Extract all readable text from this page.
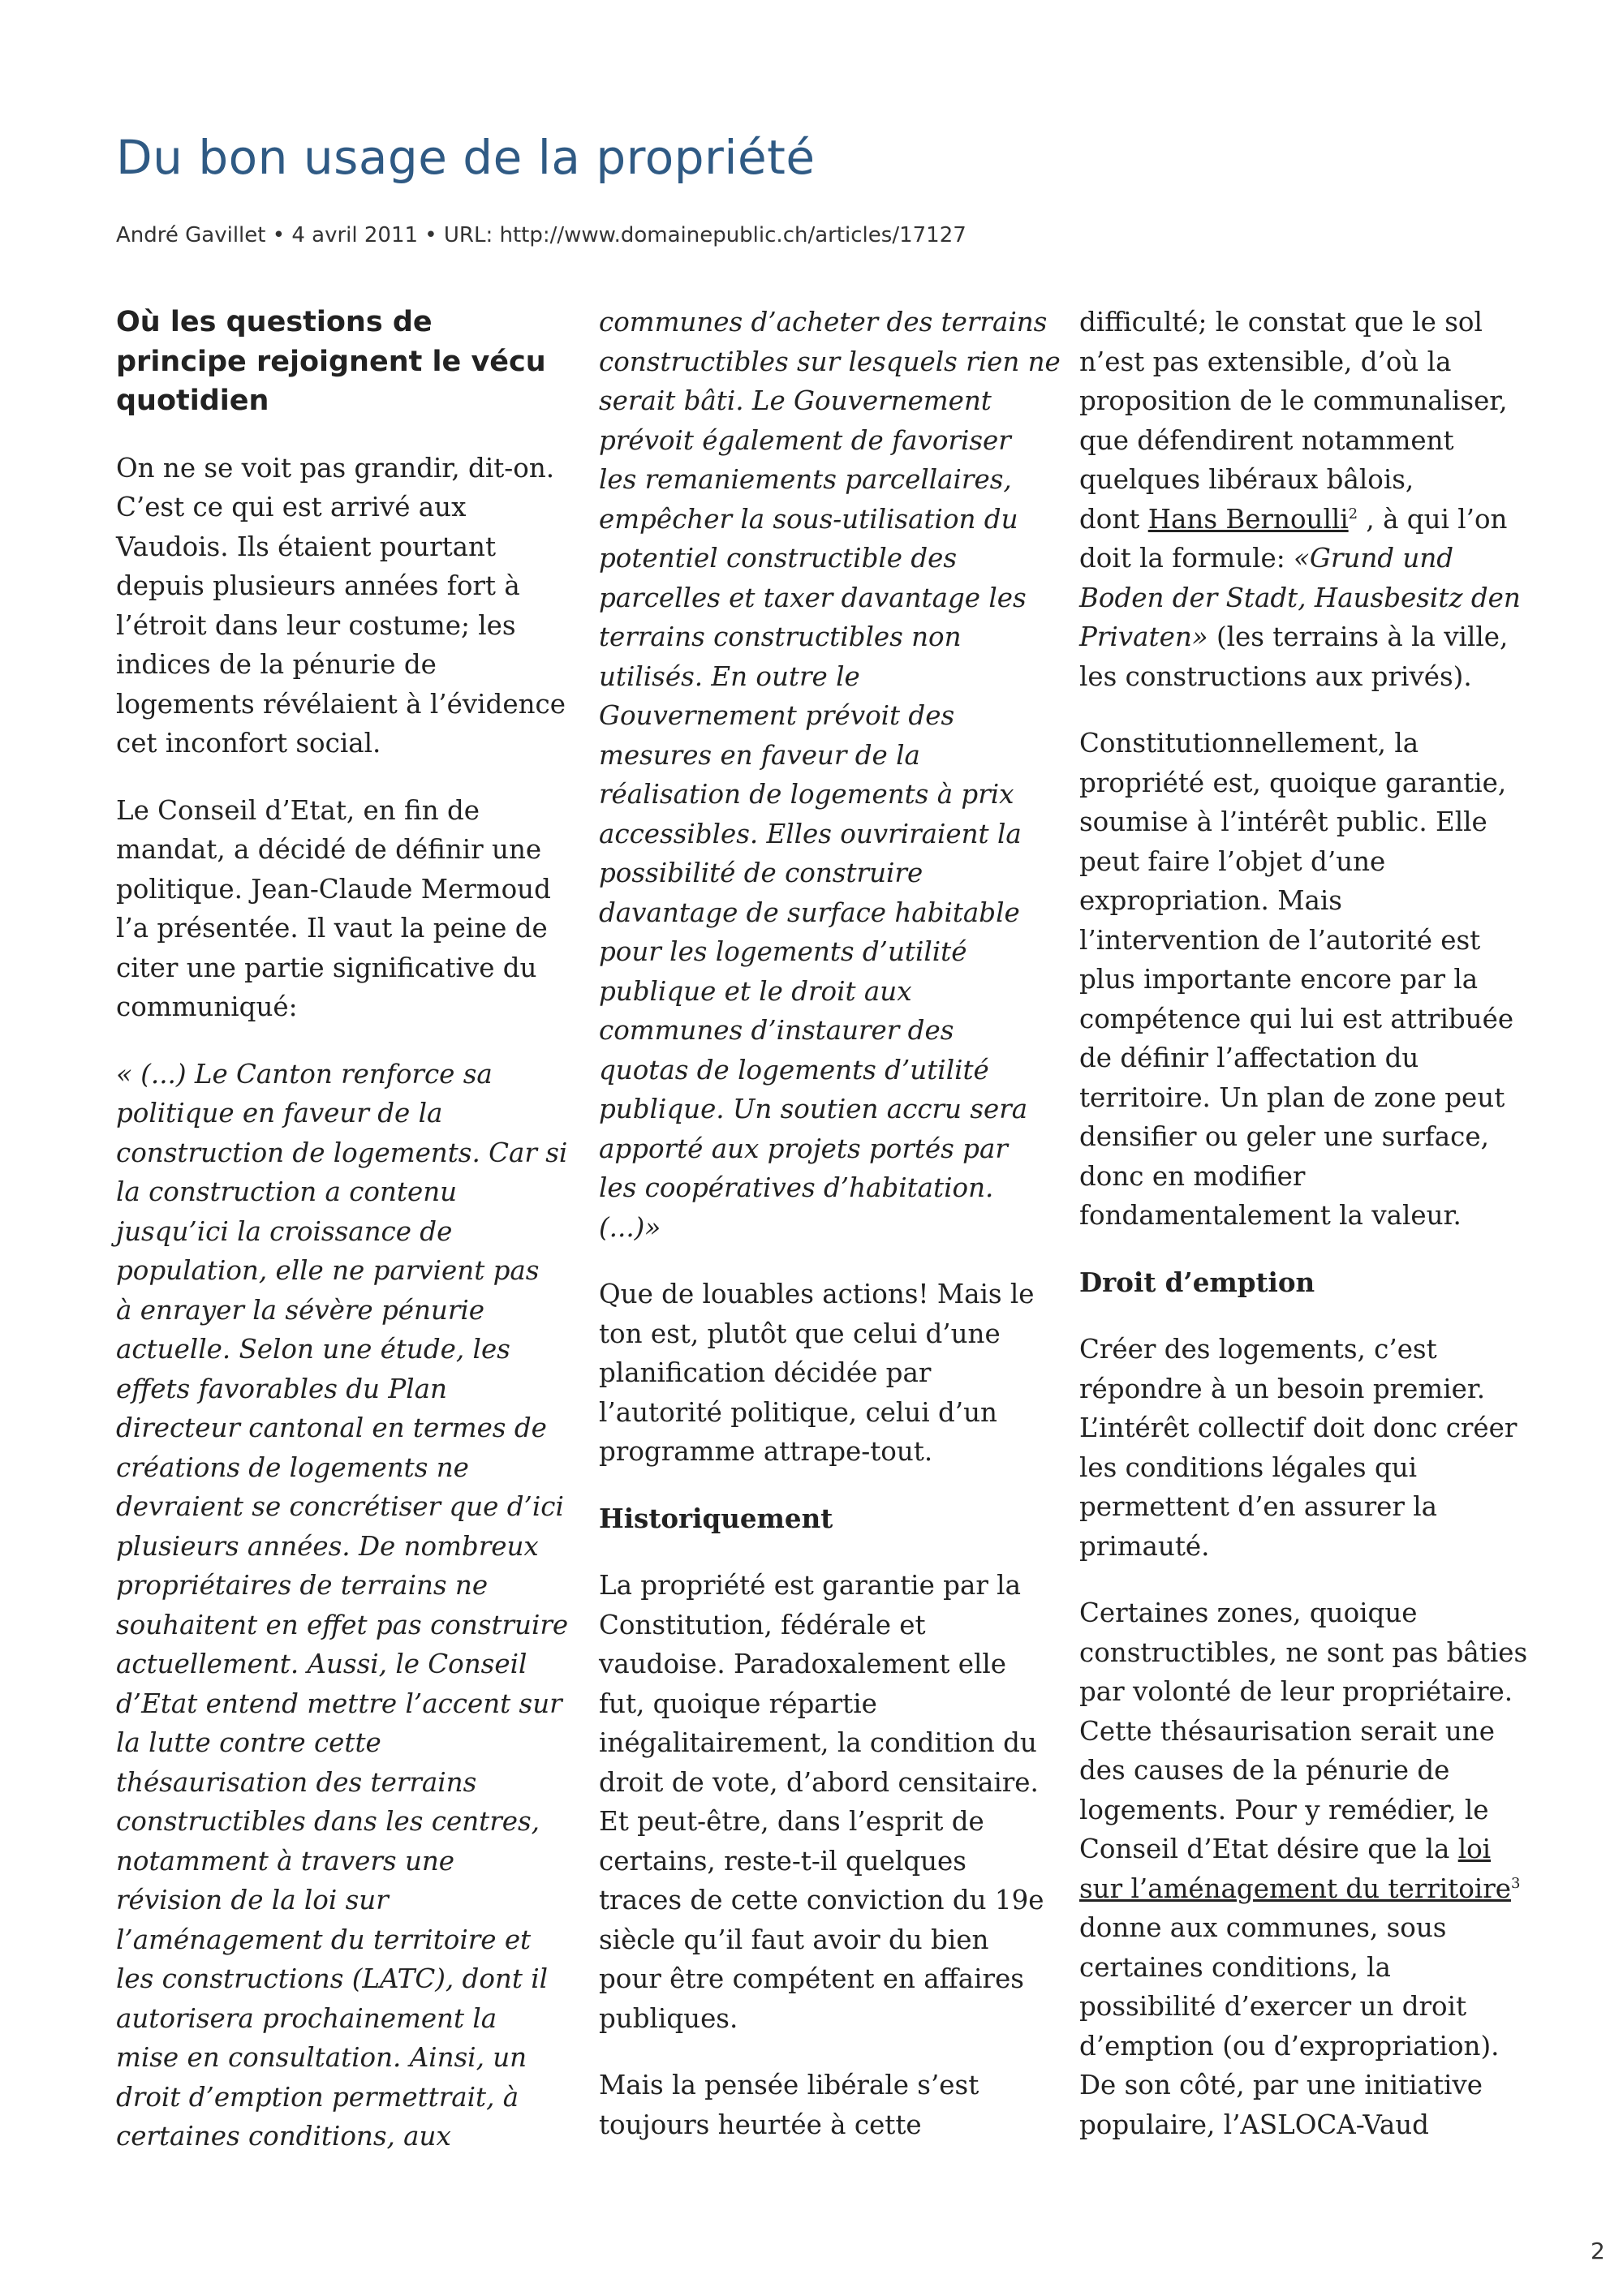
Du bon usage de la propriété
André Gavillet • 4 avril 2011 • URL: http://www.domainepublic.ch/articles/17127
Où les questions de
principe rejoignent le vécu
quotidien

On ne se voit pas grandir, dit-on.
C’est ce qui est arrivé aux
Vaudois. Ils étaient pourtant
depuis plusieurs années fort à
l’étroit dans leur costume; les
indices de la pénurie de
logements révélaient à l’évidence
cet inconfort social.

Le Conseil d’Etat, en fin de
mandat, a décidé de définir une
politique. Jean-Claude Mermoud
l’a présentée. Il vaut la peine de
citer une partie significative du
communiqué:

« (...) Le Canton renforce sa
politique en faveur de la
construction de logements. Car si
la construction a contenu
jusqu’ici la croissance de
population, elle ne parvient pas
à enrayer la sévère pénurie
actuelle. Selon une étude, les
effets favorables du Plan
directeur cantonal en termes de
créations de logements ne
devraient se concrétiser que d’ici
plusieurs années. De nombreux
propriétaires de terrains ne
souhaitent en effet pas construire
actuellement. Aussi, le Conseil
d’Etat entend mettre l’accent sur
la lutte contre cette
thésaurisation des terrains
constructibles dans les centres,
notamment à travers une
révision de la loi sur
l’aménagement du territoire et
les constructions (LATC), dont il
autorisera prochainement la
mise en consultation. Ainsi, un
droit d’emption permettrait, à
certaines conditions, aux

communes d’acheter des terrains
constructibles sur lesquels rien ne
serait bâti. Le Gouvernement
prévoit également de favoriser
les remaniements parcellaires,
empêcher la sous-utilisation du
potentiel constructible des
parcelles et taxer davantage les
terrains constructibles non
utilisés. En outre le
Gouvernement prévoit des
mesures en faveur de la
réalisation de logements à prix
accessibles. Elles ouvriraient la
possibilité de construire
davantage de surface habitable
pour les logements d’utilité
publique et le droit aux
communes d’instaurer des
quotas de logements d’utilité
publique. Un soutien accru sera
apporté aux projets portés par
les coopératives d’habitation.
(...)»

Que de louables actions! Mais le
ton est, plutôt que celui d’une
planification décidée par
l’autorité politique, celui d’un
programme attrape-tout.

Historiquement

La propriété est garantie par la
Constitution, fédérale et
vaudoise. Paradoxalement elle
fut, quoique répartie
inégalitairement, la condition du
droit de vote, d’abord censitaire.
Et peut-être, dans l’esprit de
certains, reste-t-il quelques
traces de cette conviction du 19e
siècle qu’il faut avoir du bien
pour être compétent en affaires
publiques.

Mais la pensée libérale s’est
toujours heurtée à cette

difficulté; le constat que le sol
n’est pas extensible, d’où la
proposition de le communaliser,
que défendirent notamment
quelques libéraux bâlois,
dont Hans Bernoulli$^2$ , à qui l’on
doit la formule: «Grund und
Boden der Stadt, Hausbesitz den
Privaten» (les terrains à la ville,
les constructions aux privés).

Constitutionnellement, la
propriété est, quoique garantie,
soumise à l’intérêt public. Elle
peut faire l’objet d’une
expropriation. Mais
l’intervention de l’autorité est
plus importante encore par la
compétence qui lui est attribuée
de définir l’affectation du
territoire. Un plan de zone peut
densifier ou geler une surface,
donc en modifier
fondamentalement la valeur.

Droit d’emption

Créer des logements, c’est
répondre à un besoin premier.
L’intérêt collectif doit donc créer
les conditions légales qui
permettent d’en assurer la
primauté.

Certaines zones, quoique
constructibles, ne sont pas bâties
par volonté de leur propriétaire.
Cette thésaurisation serait une
des causes de la pénurie de
logements. Pour y remédier, le
Conseil d’Etat désire que la loi
sur l’aménagement du territoire$^3$
donne aux communes, sous
certaines conditions, la
possibilité d’exercer un droit
d’emption (ou d’expropriation).
De son côté, par une initiative
populaire, l’ASLOCA-Vaud

2
